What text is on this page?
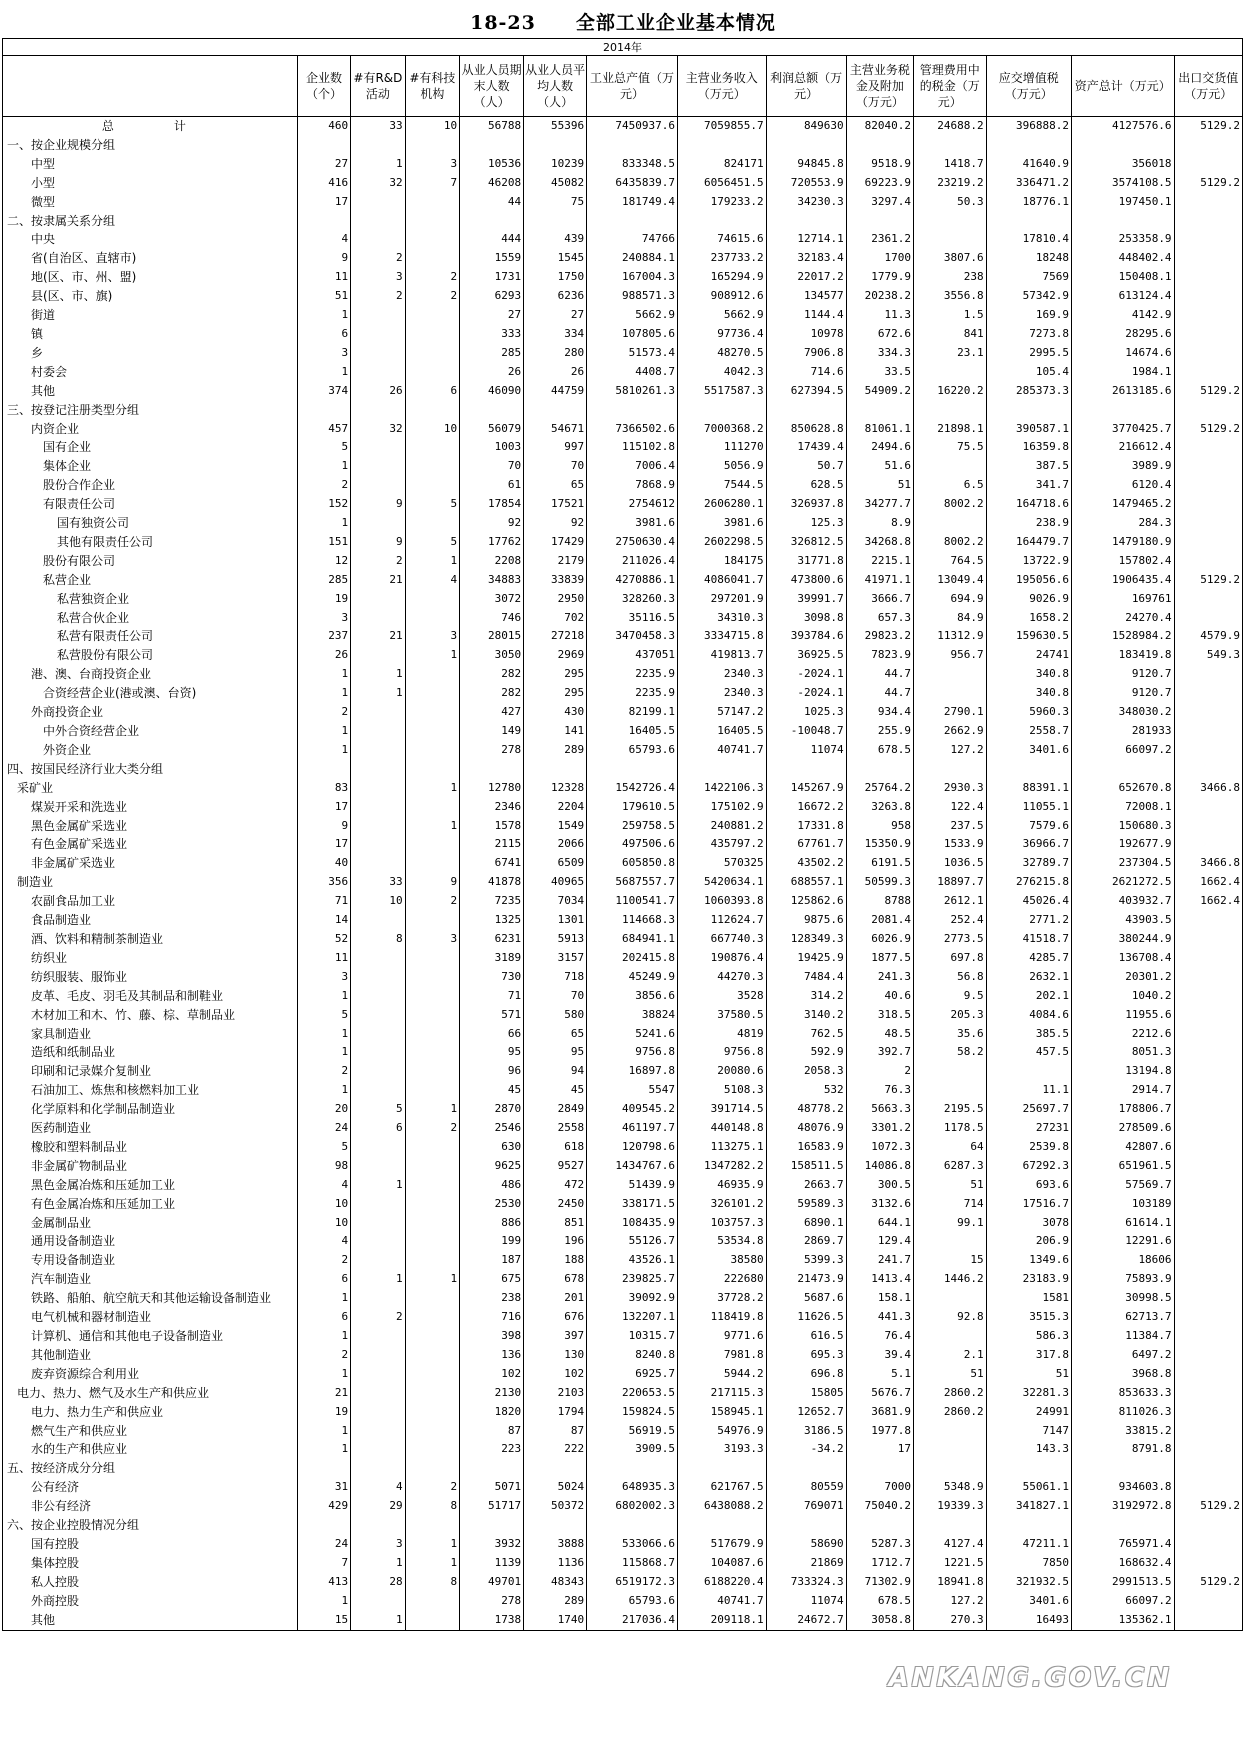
18-23 全部工业企业基本情况
2014年
	企业数（个）	#有R&D活动	#有科技机构	从业人员期末人数（人）	从业人员平均人数（人）	工业总产值（万元）	主营业务收入（万元）	利润总额（万元）	主营业务税金及附加（万元）	管理费用中的税金（万元）	应交增值税（万元）	资产总计（万元）	出口交货值（万元）
总　　计	460	33	10	56788	55396	7450937.6	7059855.7	849630	82040.2	24688.2	396888.2	4127576.6	5129.2
一、按企业规模分组													
中型	27	1	3	10536	10239	833348.5	824171	94845.8	9518.9	1418.7	41640.9	356018	
小型	416	32	7	46208	45082	6435839.7	6056451.5	720553.9	69223.9	23219.2	336471.2	3574108.5	5129.2
微型	17			44	75	181749.4	179233.2	34230.3	3297.4	50.3	18776.1	197450.1	
二、按隶属关系分组													
中央	4			444	439	74766	74615.6	12714.1	2361.2		17810.4	253358.9	
省(自治区、直辖市)	9	2		1559	1545	240884.1	237733.2	32183.4	1700	3807.6	18248	448402.4	
地(区、市、州、盟)	11	3	2	1731	1750	167004.3	165294.9	22017.2	1779.9	238	7569	150408.1	
县(区、市、旗)	51	2	2	6293	6236	988571.3	908912.6	134577	20238.2	3556.8	57342.9	613124.4	
街道	1			27	27	5662.9	5662.9	1144.4	11.3	1.5	169.9	4142.9	
镇	6			333	334	107805.6	97736.4	10978	672.6	841	7273.8	28295.6	
乡	3			285	280	51573.4	48270.5	7906.8	334.3	23.1	2995.5	14674.6	
村委会	1			26	26	4408.7	4042.3	714.6	33.5		105.4	1984.1	
其他	374	26	6	46090	44759	5810261.3	5517587.3	627394.5	54909.2	16220.2	285373.3	2613185.6	5129.2
三、按登记注册类型分组													
内资企业	457	32	10	56079	54671	7366502.6	7000368.2	850628.8	81061.1	21898.1	390587.1	3770425.7	5129.2
国有企业	5			1003	997	115102.8	111270	17439.4	2494.6	75.5	16359.8	216612.4	
集体企业	1			70	70	7006.4	5056.9	50.7	51.6		387.5	3989.9	
股份合作企业	2			61	65	7868.9	7544.5	628.5	51	6.5	341.7	6120.4	
有限责任公司	152	9	5	17854	17521	2754612	2606280.1	326937.8	34277.7	8002.2	164718.6	1479465.2	
国有独资公司	1			92	92	3981.6	3981.6	125.3	8.9		238.9	284.3	
其他有限责任公司	151	9	5	17762	17429	2750630.4	2602298.5	326812.5	34268.8	8002.2	164479.7	1479180.9	
股份有限公司	12	2	1	2208	2179	211026.4	184175	31771.8	2215.1	764.5	13722.9	157802.4	
私营企业	285	21	4	34883	33839	4270886.1	4086041.7	473800.6	41971.1	13049.4	195056.6	1906435.4	5129.2
私营独资企业	19			3072	2950	328260.3	297201.9	39991.7	3666.7	694.9	9026.9	169761	
私营合伙企业	3			746	702	35116.5	34310.3	3098.8	657.3	84.9	1658.2	24270.4	
私营有限责任公司	237	21	3	28015	27218	3470458.3	3334715.8	393784.6	29823.2	11312.9	159630.5	1528984.2	4579.9
私营股份有限公司	26		1	3050	2969	437051	419813.7	36925.5	7823.9	956.7	24741	183419.8	549.3
港、澳、台商投资企业	1	1		282	295	2235.9	2340.3	-2024.1	44.7		340.8	9120.7	
合资经营企业(港或澳、台资)	1	1		282	295	2235.9	2340.3	-2024.1	44.7		340.8	9120.7	
外商投资企业	2			427	430	82199.1	57147.2	1025.3	934.4	2790.1	5960.3	348030.2	
中外合资经营企业	1			149	141	16405.5	16405.5	-10048.7	255.9	2662.9	2558.7	281933	
外资企业	1			278	289	65793.6	40741.7	11074	678.5	127.2	3401.6	66097.2	
四、按国民经济行业大类分组													
采矿业	83		1	12780	12328	1542726.4	1422106.3	145267.9	25764.2	2930.3	88391.1	652670.8	3466.8
煤炭开采和洗选业	17			2346	2204	179610.5	175102.9	16672.2	3263.8	122.4	11055.1	72008.1	
黑色金属矿采选业	9		1	1578	1549	259758.5	240881.2	17331.8	958	237.5	7579.6	150680.3	
有色金属矿采选业	17			2115	2066	497506.6	435797.2	67761.7	15350.9	1533.9	36966.7	192677.9	
非金属矿采选业	40			6741	6509	605850.8	570325	43502.2	6191.5	1036.5	32789.7	237304.5	3466.8
制造业	356	33	9	41878	40965	5687557.7	5420634.1	688557.1	50599.3	18897.7	276215.8	2621272.5	1662.4
农副食品加工业	71	10	2	7235	7034	1100541.7	1060393.8	125862.6	8788	2612.1	45026.4	403932.7	1662.4
食品制造业	14			1325	1301	114668.3	112624.7	9875.6	2081.4	252.4	2771.2	43903.5	
酒、饮料和精制茶制造业	52	8	3	6231	5913	684941.1	667740.3	128349.3	6026.9	2773.5	41518.7	380244.9	
纺织业	11			3189	3157	202415.8	190876.4	19425.9	1877.5	697.8	4285.7	136708.4	
纺织服装、服饰业	3			730	718	45249.9	44270.3	7484.4	241.3	56.8	2632.1	20301.2	
皮革、毛皮、羽毛及其制品和制鞋业	1			71	70	3856.6	3528	314.2	40.6	9.5	202.1	1040.2	
木材加工和木、竹、藤、棕、草制品业	5			571	580	38824	37580.5	3140.2	318.5	205.3	4084.6	11955.6	
家具制造业	1			66	65	5241.6	4819	762.5	48.5	35.6	385.5	2212.6	
造纸和纸制品业	1			95	95	9756.8	9756.8	592.9	392.7	58.2	457.5	8051.3	
印刷和记录媒介复制业	2			96	94	16897.8	20080.6	2058.3	2			13194.8	
石油加工、炼焦和核燃料加工业	1			45	45	5547	5108.3	532	76.3		11.1	2914.7	
化学原料和化学制品制造业	20	5	1	2870	2849	409545.2	391714.5	48778.2	5663.3	2195.5	25697.7	178806.7	
医药制造业	24	6	2	2546	2558	461197.7	440148.8	48076.9	3301.2	1178.5	27231	278509.6	
橡胶和塑料制品业	5			630	618	120798.6	113275.1	16583.9	1072.3	64	2539.8	42807.6	
非金属矿物制品业	98			9625	9527	1434767.6	1347282.2	158511.5	14086.8	6287.3	67292.3	651961.5	
黑色金属冶炼和压延加工业	4	1		486	472	51439.9	46935.9	2663.7	300.5	51	693.6	57569.7	
有色金属冶炼和压延加工业	10			2530	2450	338171.5	326101.2	59589.3	3132.6	714	17516.7	103189	
金属制品业	10			886	851	108435.9	103757.3	6890.1	644.1	99.1	3078	61614.1	
通用设备制造业	4			199	196	55126.7	53534.8	2869.7	129.4		206.9	12291.6	
专用设备制造业	2			187	188	43526.1	38580	5399.3	241.7	15	1349.6	18606	
汽车制造业	6	1	1	675	678	239825.7	222680	21473.9	1413.4	1446.2	23183.9	75893.9	
铁路、船舶、航空航天和其他运输设备制造业	1			238	201	39092.9	37728.2	5687.6	158.1		1581	30998.5	
电气机械和器材制造业	6	2		716	676	132207.1	118419.8	11626.5	441.3	92.8	3515.3	62713.7	
计算机、通信和其他电子设备制造业	1			398	397	10315.7	9771.6	616.5	76.4		586.3	11384.7	
其他制造业	2			136	130	8240.8	7981.8	695.3	39.4	2.1	317.8	6497.2	
废弃资源综合利用业	1			102	102	6925.7	5944.2	696.8	5.1	51	51	3968.8	
电力、热力、燃气及水生产和供应业	21			2130	2103	220653.5	217115.3	15805	5676.7	2860.2	32281.3	853633.3	
电力、热力生产和供应业	19			1820	1794	159824.5	158945.1	12652.7	3681.9	2860.2	24991	811026.3	
燃气生产和供应业	1			87	87	56919.5	54976.9	3186.5	1977.8		7147	33815.2	
水的生产和供应业	1			223	222	3909.5	3193.3	-34.2	17		143.3	8791.8	
五、按经济成分分组													
公有经济	31	4	2	5071	5024	648935.3	621767.5	80559	7000	5348.9	55061.1	934603.8	
非公有经济	429	29	8	51717	50372	6802002.3	6438088.2	769071	75040.2	19339.3	341827.1	3192972.8	5129.2
六、按企业控股情况分组													
国有控股	24	3	1	3932	3888	533066.6	517679.9	58690	5287.3	4127.4	47211.1	765971.4	
集体控股	7	1	1	1139	1136	115868.7	104087.6	21869	1712.7	1221.5	7850	168632.4	
私人控股	413	28	8	49701	48343	6519172.3	6188220.4	733324.3	71302.9	18941.8	321932.5	2991513.5	5129.2
外商控股	1			278	289	65793.6	40741.7	11074	678.5	127.2	3401.6	66097.2	
其他	15	1		1738	1740	217036.4	209118.1	24672.7	3058.8	270.3	16493	135362.1	
ANKANG.GOV.CN
